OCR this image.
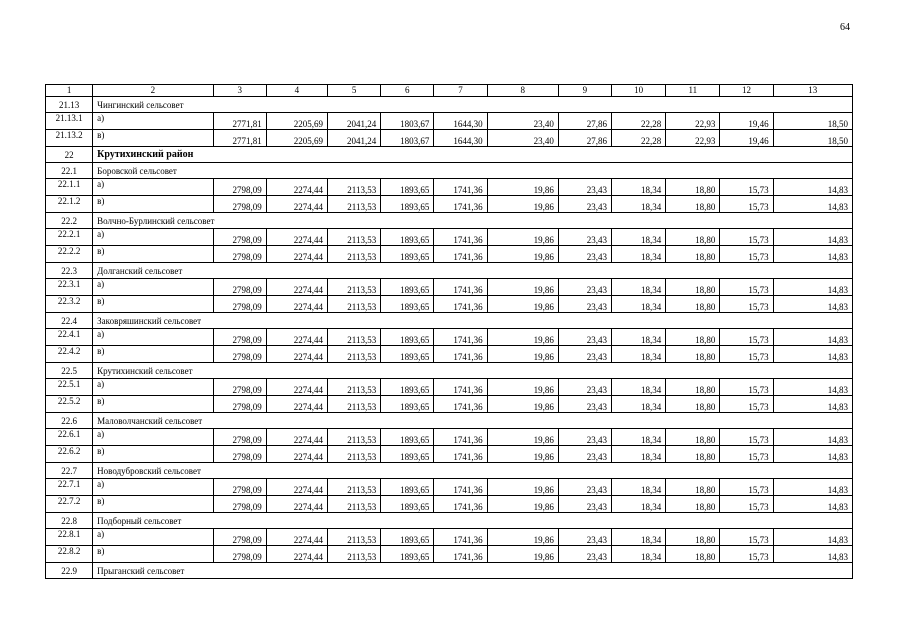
64
1	2	3	4	5	6	7	8	9	10	11	12	13
21.13	Чингинский сельсовет											
21.13.1	а)	2771,81	2205,69	2041,24	1803,67	1644,30	23,40	27,86	22,28	22,93	19,46	18,50
21.13.2	в)	2771,81	2205,69	2041,24	1803,67	1644,30	23,40	27,86	22,28	22,93	19,46	18,50
22	Крутихинский район											
22.1	Боровской сельсовет											
22.1.1	а)	2798,09	2274,44	2113,53	1893,65	1741,36	19,86	23,43	18,34	18,80	15,73	14,83
22.1.2	в)	2798,09	2274,44	2113,53	1893,65	1741,36	19,86	23,43	18,34	18,80	15,73	14,83
22.2	Волчно-Бурлинский сельсовет											
22.2.1	а)	2798,09	2274,44	2113,53	1893,65	1741,36	19,86	23,43	18,34	18,80	15,73	14,83
22.2.2	в)	2798,09	2274,44	2113,53	1893,65	1741,36	19,86	23,43	18,34	18,80	15,73	14,83
22.3	Долганский сельсовет											
22.3.1	а)	2798,09	2274,44	2113,53	1893,65	1741,36	19,86	23,43	18,34	18,80	15,73	14,83
22.3.2	в)	2798,09	2274,44	2113,53	1893,65	1741,36	19,86	23,43	18,34	18,80	15,73	14,83
22.4	Заковряшинский сельсовет											
22.4.1	а)	2798,09	2274,44	2113,53	1893,65	1741,36	19,86	23,43	18,34	18,80	15,73	14,83
22.4.2	в)	2798,09	2274,44	2113,53	1893,65	1741,36	19,86	23,43	18,34	18,80	15,73	14,83
22.5	Крутихинский сельсовет											
22.5.1	а)	2798,09	2274,44	2113,53	1893,65	1741,36	19,86	23,43	18,34	18,80	15,73	14,83
22.5.2	в)	2798,09	2274,44	2113,53	1893,65	1741,36	19,86	23,43	18,34	18,80	15,73	14,83
22.6	Маловолчанский сельсовет											
22.6.1	а)	2798,09	2274,44	2113,53	1893,65	1741,36	19,86	23,43	18,34	18,80	15,73	14,83
22.6.2	в)	2798,09	2274,44	2113,53	1893,65	1741,36	19,86	23,43	18,34	18,80	15,73	14,83
22.7	Новодубровский сельсовет											
22.7.1	а)	2798,09	2274,44	2113,53	1893,65	1741,36	19,86	23,43	18,34	18,80	15,73	14,83
22.7.2	в)	2798,09	2274,44	2113,53	1893,65	1741,36	19,86	23,43	18,34	18,80	15,73	14,83
22.8	Подборный сельсовет											
22.8.1	а)	2798,09	2274,44	2113,53	1893,65	1741,36	19,86	23,43	18,34	18,80	15,73	14,83
22.8.2	в)	2798,09	2274,44	2113,53	1893,65	1741,36	19,86	23,43	18,34	18,80	15,73	14,83
22.9	Прыганский сельсовет											
